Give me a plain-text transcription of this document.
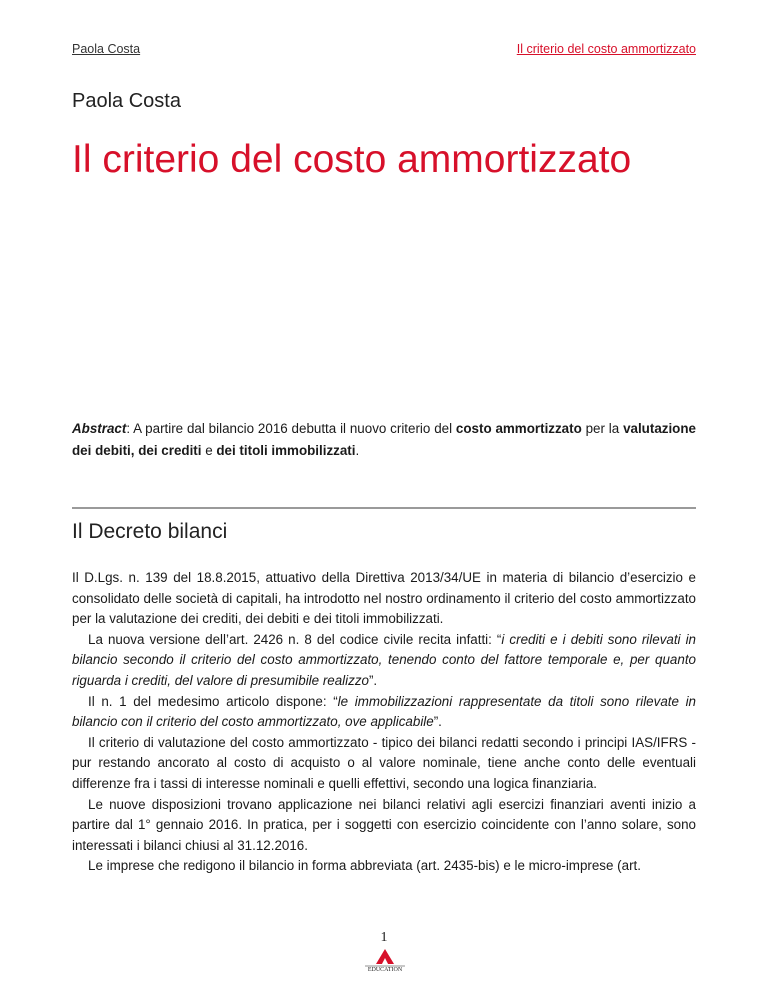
Paola Costa	Il criterio del costo ammortizzato
Paola Costa
Il criterio del costo ammortizzato
Abstract: A partire dal bilancio 2016 debutta il nuovo criterio del costo ammortizzato per la valutazione dei debiti, dei crediti e dei titoli immobilizzati.
Il Decreto bilanci

Il D.Lgs. n. 139 del 18.8.2015, attuativo della Direttiva 2013/34/UE in materia di bilancio d’esercizio e consolidato delle società di capitali, ha introdotto nel nostro ordinamento il criterio del costo ammortizzato per la valutazione dei crediti, dei debiti e dei titoli immobilizzati.

La nuova versione dell’art. 2426 n. 8 del codice civile recita infatti: “i crediti e i debiti sono rilevati in bilancio secondo il criterio del costo ammortizzato, tenendo conto del fattore temporale e, per quanto riguarda i crediti, del valore di presumibile realizzo”.

Il n. 1 del medesimo articolo dispone: “le immobilizzazioni rappresentate da titoli sono rilevate in bilancio con il criterio del costo ammortizzato, ove applicabile”.

Il criterio di valutazione del costo ammortizzato - tipico dei bilanci redatti secondo i principi IAS/IFRS - pur restando ancorato al costo di acquisto o al valore nominale, tiene anche conto delle eventuali differenze fra i tassi di interesse nominali e quelli effettivi, secondo una logica finanziaria.

Le nuove disposizioni trovano applicazione nei bilanci relativi agli esercizi finanziari aventi inizio a partire dal 1° gennaio 2016. In pratica, per i soggetti con esercizio coincidente con l’anno solare, sono interessati i bilanci chiusi al 31.12.2016.

Le imprese che redigono il bilancio in forma abbreviata (art. 2435-bis) e le micro-imprese (art.

1
EDUCATION
